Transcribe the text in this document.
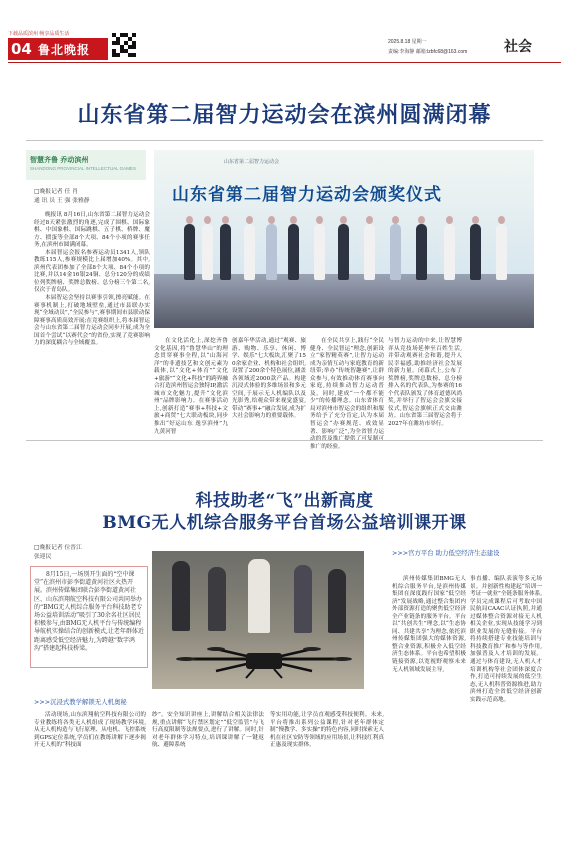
下载品质滨州 畅享品质生活
04 鲁北晚报
2025.8.18 星期一
责编:李海静 邮箱:lzbfc68@163.com	社会
山东省第二届智力运动会在滨州圆满闭幕
智慧齐鲁 乔动滨州
SHANDONG PROVINCIAL INTELLECTUAL GAMES
□晚报记者 任 肖
通 讯 员 王 强 张雅静
山东省第二届智力运动会
山东省第二届智力运动会颁奖仪式

晚报讯 8月16日,山东省第二届智力运动会经过8天紧张激烈的角逐,完成了围棋、国际象棋、中国象棋、国际跳棋、五子棋、桥牌、魔方、掼蛋等全部8个大项、84个小项的赛事任务,在滨州市圆满闭幕。

本届智运会报名参赛运动员1341人,领队教练115人,参赛规模比上届增加40%。其中,滨州代表团参加了全部8个大项、84个小项的比赛,并以14金16银24铜、总分120分的成绩位列奖牌榜、奖牌总数榜、总分榜三个第二名,仅次于青岛队。

本届智运会坚持以赛事引领,擦亮赋能。在赛事机制上,打破地域壁垒,通过市县联办实现“全域动员”,“全民参与”,赛事期间市县联动保障赛事高质高效开展;在竞赛组织上,将本届智运会与山东省第二届智力运动会同步开展,成为全国首个尝试“以赛代会”的省份,实现了竞赛影响力的深度耦合与全域覆盖。	在文化活化上,深挖齐鲁文化基因,将“鲁慧华山”的理念贯穿赛事全程,以“山海河洋”的非遗技艺和文创元素为载体,以“文化+体育”“文化+旅游”“文化+科技”的跨界融合打造滨州智运会独特IP,激活城市文化魅力,提升“文化滨州”品牌影响力。在赛事活动上,创新打造“赛事+科技+文旅+商贸”七大联动板块,同步推出“好运山东 逸享滨州”九九黄河智
创嘉年华活动,通过“观赛、旅游、购物、乐享、休闲、博学、娱乐”七大板块,汇聚了150余家企业、机构和社会组织,设置了200余个特色展位,涵盖各领域近2000款产品。构建沉浸式体验的多维场景和多元空间,于展示无人机编队以及光影秀,给观众带来视觉盛宴,带动“赛事+”融合发展,成为扩大社会影响力的重要载体。
在全民共享上,践行“全民健身、全民智运”理念,创新设立“家智精英赛”,让智力运动成为亲情互动与家庭教育的新纽带;举办“传统智趣赛”,让群众参与,有效推动体育赛事向家庭,持续推动智力运动普及。同时,建成“一个都不能少”的传播理念。山东省体育局对滨州市智运会的组织和服务给予了充分肯定,认为本届智运会“办赛规范、成效显著、影响广泛”,为全省智力运 推广的经验。
与智力运动的中来,让智慧博弈从竞技场延伸至百姓生活,并带动观赛社会和谐,提升人民幸福感,助推经济社会发展的新力量。闭幕式上,公布了奖牌榜,奖牌总数榜、总分榜排入名的代表队,为参赛的16个代表队颁发了体育道德风尚奖,并举行了智运会会旗交接仪式,智运会旗帜正式交由潍坊。山东省第三届智运会将于2027年在潍坊市举行。
科技助老“飞”出新高度
BMG无人机综合服务平台首场公益培训课开课
□晚报记者 位晋江
张迎民
8月15日,一场别开生面的“空中课堂”在滨州市彭李街道黄河社区火热开展。滨州传媒集团联合彭李街道黄河社区、山东滨翔航空科技有限公司共同举办的“BMG无人机综合服务平台科技助老专场公益培训活动”吸引了30余名社区居民积极参与,由BMG无人机平台与传统编程导航机实操结合的创新模式,让老年群体近距离感受低空经济魅力,为跨越“数字鸿沟”搭建起科技桥梁。
>>>官方平台 助力低空经济生态建设
滨州传媒集团BMG无人机综合服务平台,是滨州传媒集团在深度践行国家“低空经济”发展战略,通过整合集团内外部资源打造的聚焦低空经济全产业链条的服务平台。平台以“共创共生”理念,以“生态协同、共建共享”为理念,依托滨州传媒集团强大的媒体资源,整合业资源,积极介入低空经济生态体系。平台也希望积极链接资源,以宽视野观察未来无人机领域发展主导,
事直播、编队表演等多元场景。并创新性构建起“培训一考证一就业”全链条服务体系,学员完成课程后可考取中国民航局CAAC认证执照,并通过媒体整合资源对接无人机相关企业,实现从技能学习到职业发展的无缝衔接。平台将持续搭建专业技能培训与科技教育推广和参与等作用,加强普及人才培训的发展。通过与体育建设,无人机人才培训机构等社会团体深度合作,打造可持续发展的低空生态,无人机科普资源推进,助力滨州打造全省低空经济创新实践示范高地。
>>>沉浸式教学解锁无人机奥秘
活动现场,山东滨翔航空科技有限公司的专业教练将各类无人机组成了现场教学环境,从无人机构造与飞行原理、从电机、飞控系统到GPS定位系统,学员们在教练讲解下逐步揭开无人机的“科技面
纱”。安全知识讲座上,讲解结合相关法律法规,重点讲解“飞行禁区划定”“低空监管”与飞行高度限制等法规要点,进行了讲解。同时,针对老年群体学习特点,培训课讲解了一键返航、避障系统
等实用功能,让学员直观感受科技便利。未来,平台将推出系列公益课程,针对老年群体定制“慢教学、多实操”的特色内容,同时探索无人机在社区安防等领域的应用场景,让科技红利真正惠及现实群体。
